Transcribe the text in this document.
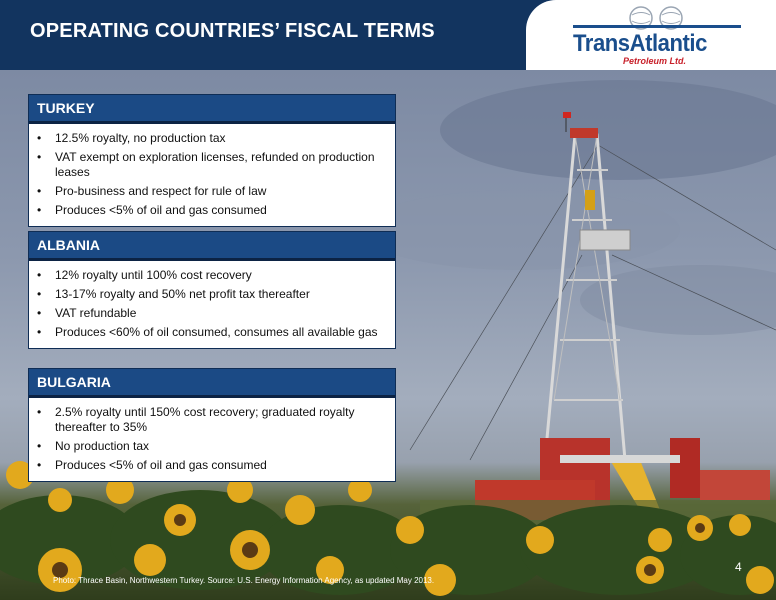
OPERATING COUNTRIES’ FISCAL TERMS	TransAtlantic
Petroleum Ltd.
TURKEY
• 12.5% royalty, no production tax
• VAT exempt on exploration licenses, refunded on production leases
• Pro-business and respect for rule of law
• Produces <5% of oil and gas consumed
ALBANIA
• 12% royalty until 100% cost recovery
• 13-17% royalty and 50% net profit tax thereafter
• VAT refundable
• Produces <60% of oil consumed, consumes all available gas
BULGARIA
• 2.5% royalty until 150% cost recovery; graduated royalty thereafter to 35%
• No production tax
• Produces <5% of oil and gas consumed
Photo: Thrace Basin, Northwestern Turkey. Source: U.S. Energy Information Agency, as updated May 2013.
4
